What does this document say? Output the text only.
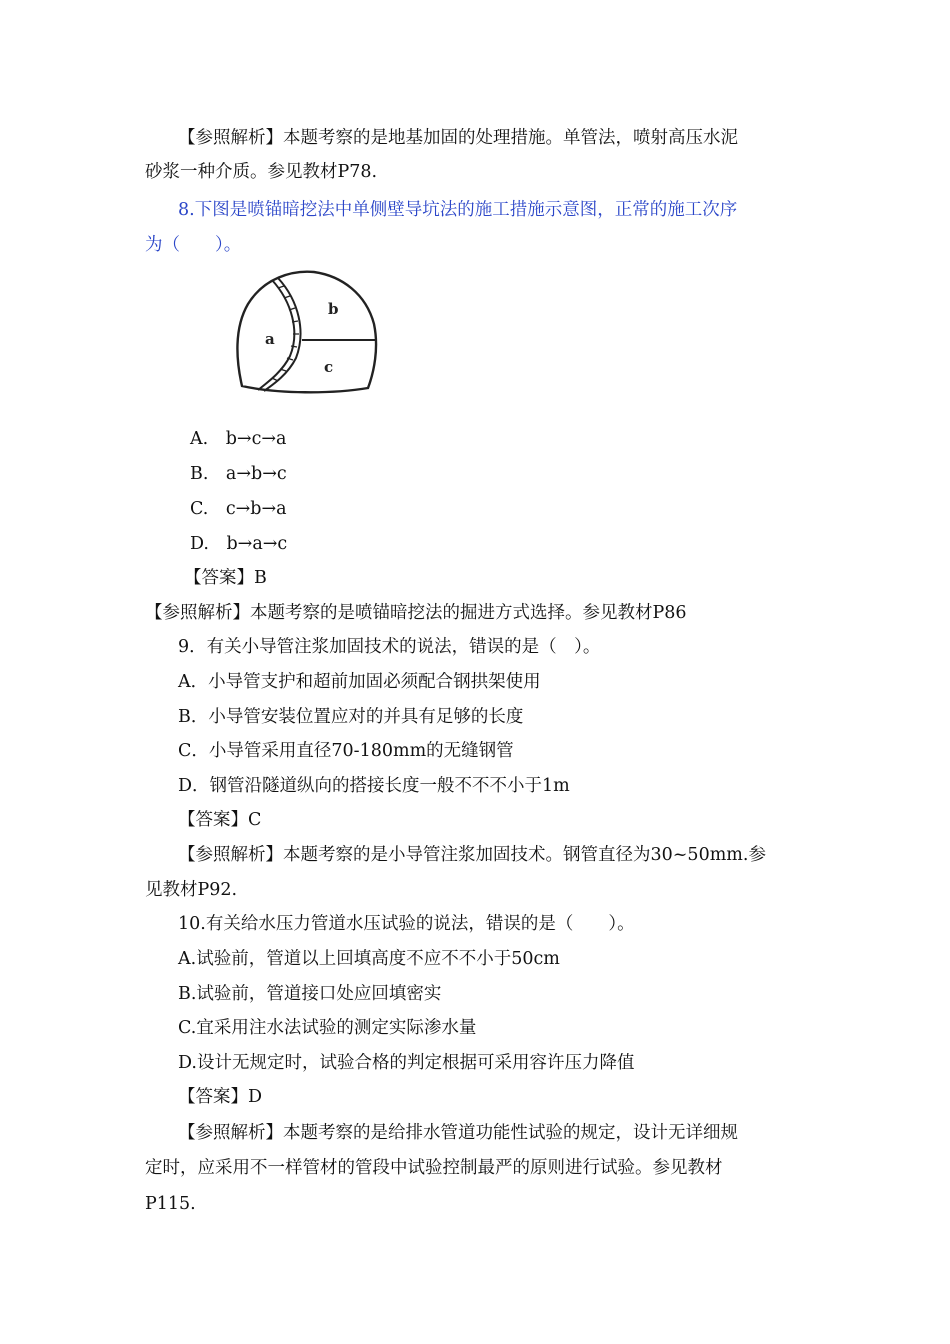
【参照解析】本题考察的是地基加固的处理措施。单管法，喷射高压水泥
砂浆一种介质。参见教材P78.
8.下图是喷锚暗挖法中单侧壁导坑法的施工措施示意图，正常的施工次序
为（　　）。
a
b
c
A.　b→c→a
B.　a→b→c
C.　c→b→a
D.　b→a→c
【答案】B
【参照解析】本题考察的是喷锚暗挖法的掘进方式选择。参见教材P86
9．有关小导管注浆加固技术的说法，错误的是（　）。
A．小导管支护和超前加固必须配合钢拱架使用
B．小导管安装位置应对的并具有足够的长度
C．小导管采用直径70-180mm的无缝钢管
D．钢管沿隧道纵向的搭接长度一般不不不小于1m
【答案】C
【参照解析】本题考察的是小导管注浆加固技术。钢管直径为30~50mm.参
见教材P92.
10.有关给水压力管道水压试验的说法，错误的是（　　）。
A.试验前，管道以上回填高度不应不不小于50cm
B.试验前，管道接口处应回填密实
C.宜采用注水法试验的测定实际渗水量
D.设计无规定时，试验合格的判定根据可采用容许压力降值
【答案】D
【参照解析】本题考察的是给排水管道功能性试验的规定，设计无详细规
定时，应采用不一样管材的管段中试验控制最严的原则进行试验。参见教材
P115.
